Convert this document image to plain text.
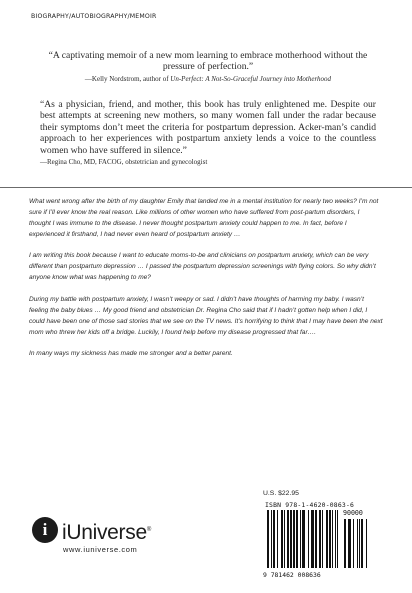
BIOGRAPHY/AUTOBIOGRAPHY/MEMOIR
“A captivating memoir of a new mom learning to embrace motherhood without the pressure of perfection.”
—Kelly Nordstrom, author of Un-Perfect: A Not-So-Graceful Journey into Motherhood
“As a physician, friend, and mother, this book has truly enlightened me. Despite our best attempts at screening new mothers, so many women fall under the radar because their symptoms don’t meet the criteria for postpartum depression. Acker-man’s candid approach to her experiences with postpartum anxiety lends a voice to the countless women who have suffered in silence.”
—Regina Cho, MD, FACOG, obstetrician and gynecologist

What went wrong after the birth of my daughter Emily that landed me in a mental institution for nearly two weeks? I’m not sure if I’ll ever know the real reason. Like millions of other women who have suffered from post-partum disorders, I thought I was immune to the disease. I never thought postpartum anxiety could happen to me. In fact, before I experienced it firsthand, I had never even heard of postpartum anxiety …

I am writing this book because I want to educate moms-to-be and clinicians on postpartum anxiety, which can be very different than postpartum depression … I passed the postpartum depression screenings with flying colors. So why didn’t anyone know what was happening to me?

During my battle with postpartum anxiety, I wasn’t weepy or sad. I didn’t have thoughts of harming my baby. I wasn’t feeling the baby blues … My good friend and obstetrician Dr. Regina Cho said that if I hadn’t gotten help when I did, I could have been one of those sad stories that we see on the TV news. It’s horrifying to think that I may have been the next mom who threw her kids off a bridge. Luckily, I found help before my disease progressed that far….

In many ways my sickness has made me stronger and a better parent.

i iUniverse®
www.iuniverse.com
U.S. $22.95
ISBN 978-1-4620-0863-6
90000
9 781462 008636
